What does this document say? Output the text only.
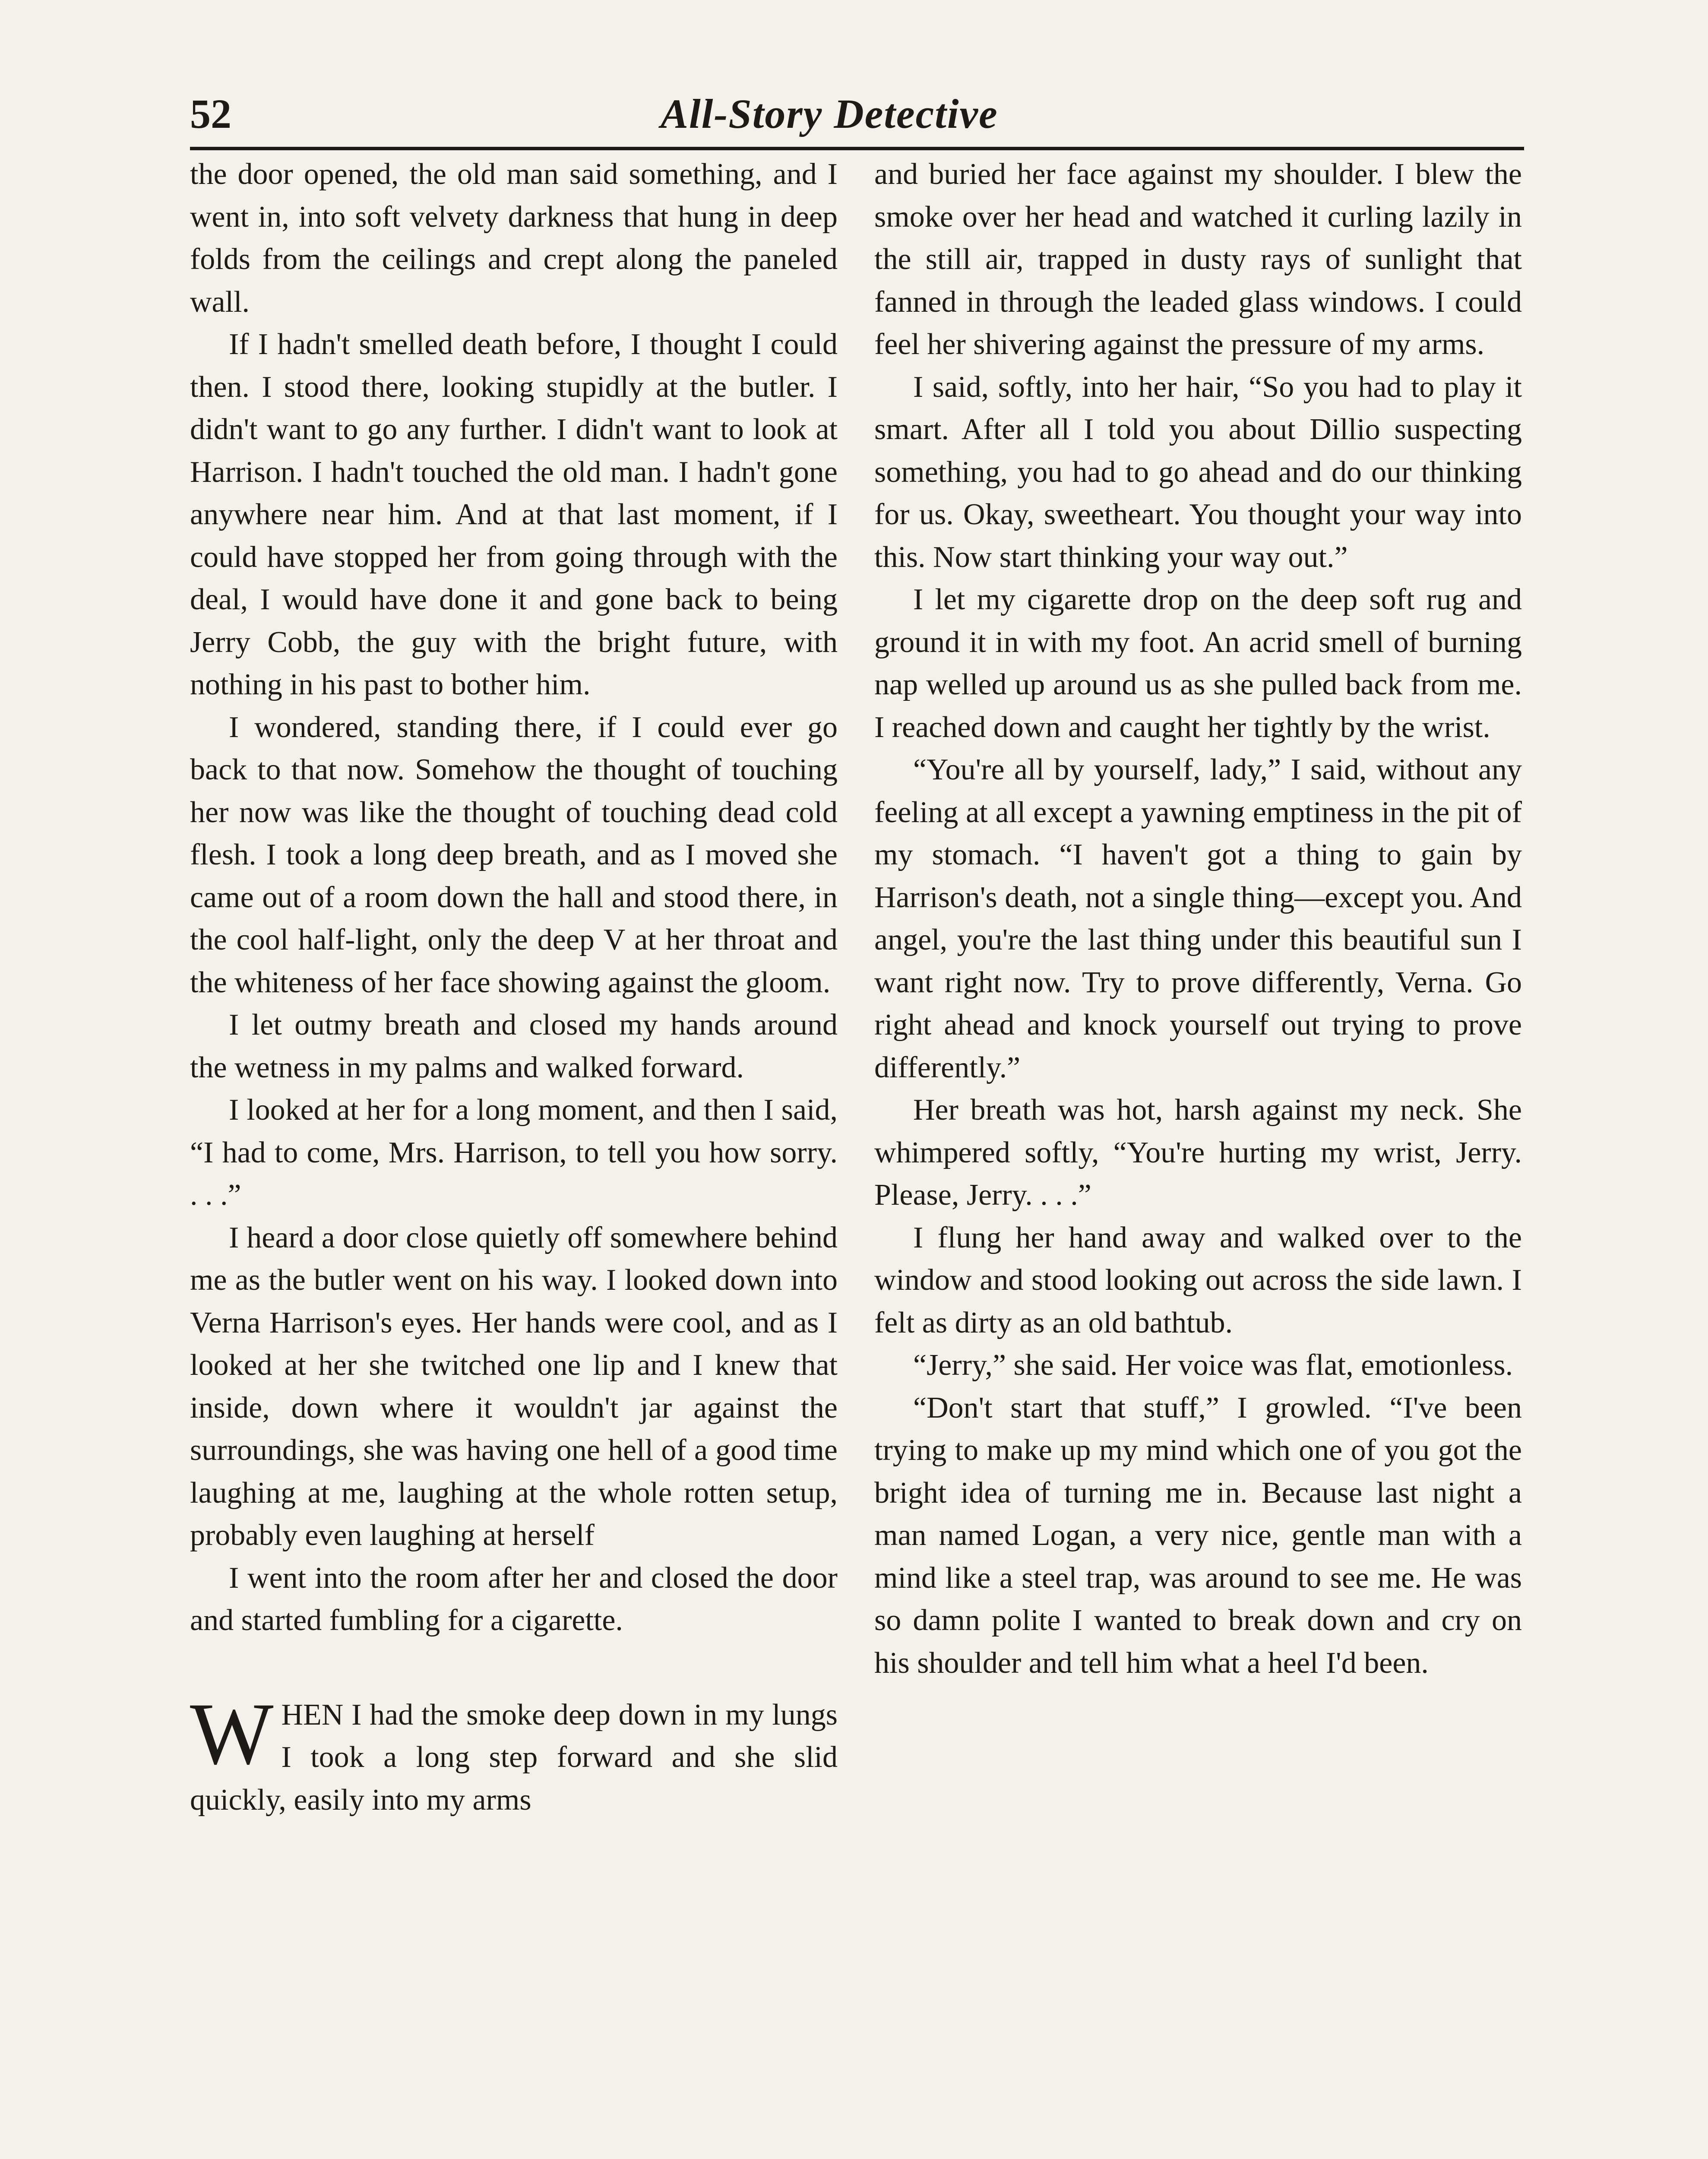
52	All-Story Detective

the door opened, the old man said something, and I went in, into soft velvety darkness that hung in deep folds from the ceilings and crept along the paneled wall.

If I hadn't smelled death before, I thought I could then. I stood there, looking stupidly at the butler. I didn't want to go any further. I didn't want to look at Harrison. I hadn't touched the old man. I hadn't gone anywhere near him. And at that last moment, if I could have stopped her from going through with the deal, I would have done it and gone back to being Jerry Cobb, the guy with the bright future, with nothing in his past to bother him.

I wondered, standing there, if I could ever go back to that now. Somehow the thought of touching her now was like the thought of touching dead cold flesh. I took a long deep breath, and as I moved she came out of a room down the hall and stood there, in the cool half-light, only the deep V at her throat and the whiteness of her face showing against the gloom.

I let outmy breath and closed my hands around the wetness in my palms and walked forward.

I looked at her for a long moment, and then I said, “I had to come, Mrs. Harrison, to tell you how sorry. . . .”

I heard a door close quietly off somewhere behind me as the butler went on his way. I looked down into Verna Harrison's eyes. Her hands were cool, and as I looked at her she twitched one lip and I knew that inside, down where it wouldn't jar against the surroundings, she was having one hell of a good time laughing at me, laughing at the whole rotten setup, probably even laughing at herself

I went into the room after her and closed the door and started fumbling for a cigarette.

WHEN I had the smoke deep down in my lungs I took a long step forward and she slid quickly, easily into my arms

and buried her face against my shoulder. I blew the smoke over her head and watched it curling lazily in the still air, trapped in dusty rays of sunlight that fanned in through the leaded glass windows. I could feel her shivering against the pressure of my arms.

I said, softly, into her hair, “So you had to play it smart. After all I told you about Dillio suspecting something, you had to go ahead and do our thinking for us. Okay, sweetheart. You thought your way into this. Now start thinking your way out.”

I let my cigarette drop on the deep soft rug and ground it in with my foot. An acrid smell of burning nap welled up around us as she pulled back from me. I reached down and caught her tightly by the wrist.

“You're all by yourself, lady,” I said, without any feeling at all except a yawning emptiness in the pit of my stomach. “I haven't got a thing to gain by Harrison's death, not a single thing—except you. And angel, you're the last thing under this beautiful sun I want right now. Try to prove differently, Verna. Go right ahead and knock yourself out trying to prove differently.”

Her breath was hot, harsh against my neck. She whimpered softly, “You're hurting my wrist, Jerry. Please, Jerry. . . .”

I flung her hand away and walked over to the window and stood looking out across the side lawn. I felt as dirty as an old bathtub.

“Jerry,” she said. Her voice was flat, emotionless.

“Don't start that stuff,” I growled. “I've been trying to make up my mind which one of you got the bright idea of turning me in. Because last night a man named Logan, a very nice, gentle man with a mind like a steel trap, was around to see me. He was so damn polite I wanted to break down and cry on his shoulder and tell him what a heel I'd been.
